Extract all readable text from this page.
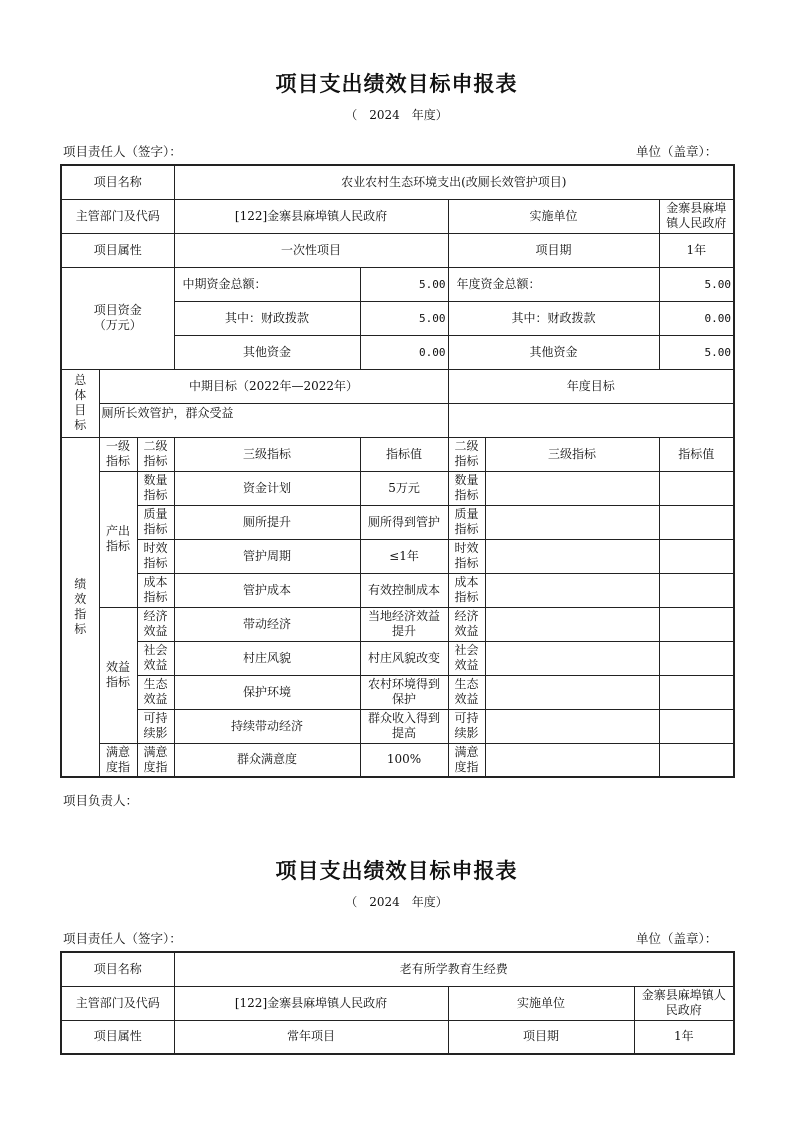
项目支出绩效目标申报表
（　2024　年度）
项目责任人（签字）：	单位（盖章）：
项目名称			农业农村生态环境支出(改厕长效管护项目)				
主管部门及代码			[122]金寨县麻埠镇人民政府		实施单位		金寨县麻埠镇人民政府
项目属性			一次性项目		项目期		1年
项目资金（万元）			中期资金总额：	5.00	年度资金总额：		5.00
			其中：财政拨款	5.00	其中：财政拨款		0.00
			其他资金	0.00	其他资金		5.00
总体目标	中期目标（2022年—2022年）				年度目标		
	厕所长效管护，群众受益						
绩效指标	一级指标	二级指标	三级指标	指标值	二级指标	三级指标	指标值
	产出指标	数量指标	资金计划	5万元	数量指标		
		质量指标	厕所提升	厕所得到管护	质量指标		
		时效指标	管护周期	≤1年	时效指标		
		成本指标	管护成本	有效控制成本	成本指标		
	效益指标	经济效益	带动经济	当地经济效益提升	经济效益		
		社会效益	村庄风貌	村庄风貌改变	社会效益		
		生态效益	保护环境	农村环境得到保护	生态效益		
		可持续影	持续带动经济	群众收入得到提高	可持续影		
	满意度指	满意度指	群众满意度	100%	满意度指		
项目负责人：
项目支出绩效目标申报表
（　2024　年度）
项目责任人（签字）：	单位（盖章）：
项目名称	老有所学教育生经费		
主管部门及代码	[122]金寨县麻埠镇人民政府	实施单位	金寨县麻埠镇人民政府
项目属性	常年项目	项目期	1年
